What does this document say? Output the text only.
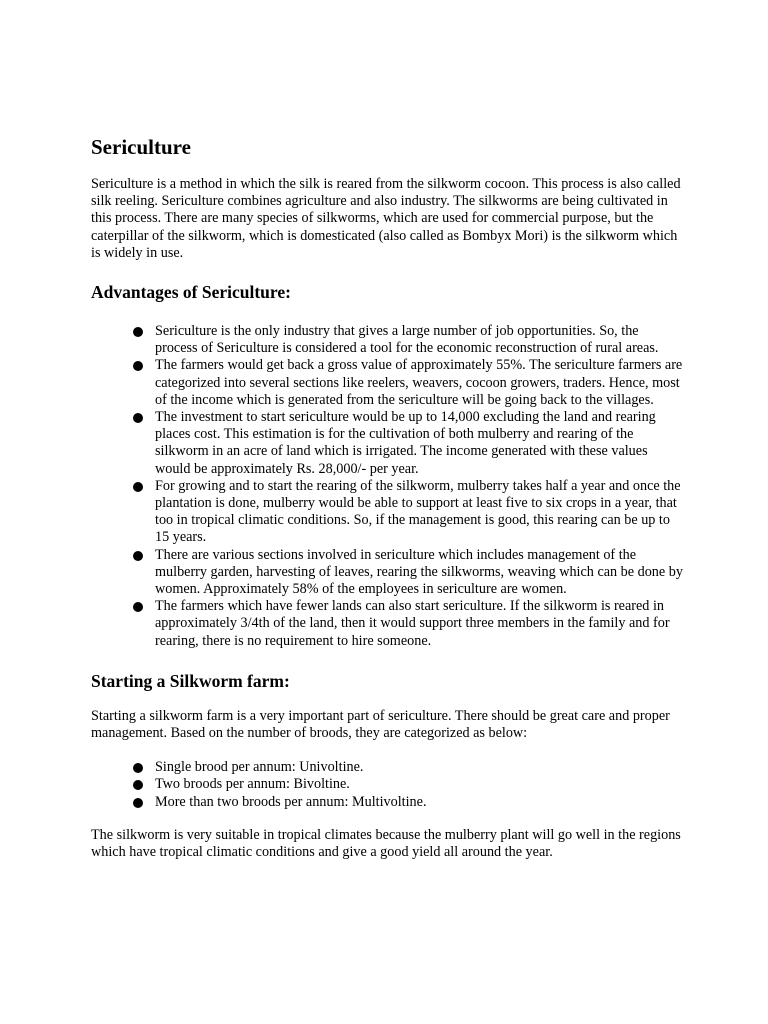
Sericulture

Sericulture is a method in which the silk is reared from the silkworm cocoon. This process is also called silk reeling. Sericulture combines agriculture and also industry. The silkworms are being cultivated in this process. There are many species of silkworms, which are used for commercial purpose, but the caterpillar of the silkworm, which is domesticated (also called as Bombyx Mori) is the silkworm which is widely in use.

Advantages of Sericulture:
Sericulture is the only industry that gives a large number of job opportunities. So, the process of Sericulture is considered a tool for the economic reconstruction of rural areas.
The farmers would get back a gross value of approximately 55%. The sericulture farmers are categorized into several sections like reelers, weavers, cocoon growers, traders. Hence, most of the income which is generated from the sericulture will be going back to the villages.
The investment to start sericulture would be up to 14,000 excluding the land and rearing places cost. This estimation is for the cultivation of both mulberry and rearing of the silkworm in an acre of land which is irrigated. The income generated with these values would be approximately Rs. 28,000/- per year.
For growing and to start the rearing of the silkworm, mulberry takes half a year and once the plantation is done, mulberry would be able to support at least five to six crops in a year, that too in tropical climatic conditions. So, if the management is good, this rearing can be up to 15 years.
There are various sections involved in sericulture which includes management of the mulberry garden, harvesting of leaves, rearing the silkworms, weaving which can be done by women. Approximately 58% of the employees in sericulture are women.
The farmers which have fewer lands can also start sericulture. If the silkworm is reared in approximately 3/4th of the land, then it would support three members in the family and for rearing, there is no requirement to hire someone.
Starting a Silkworm farm:

Starting a silkworm farm is a very important part of sericulture. There should be great care and proper management. Based on the number of broods, they are categorized as below:

Single brood per annum: Univoltine.
Two broods per annum: Bivoltine.
More than two broods per annum: Multivoltine.

The silkworm is very suitable in tropical climates because the mulberry plant will go well in the regions which have tropical climatic conditions and give a good yield all around the year.
